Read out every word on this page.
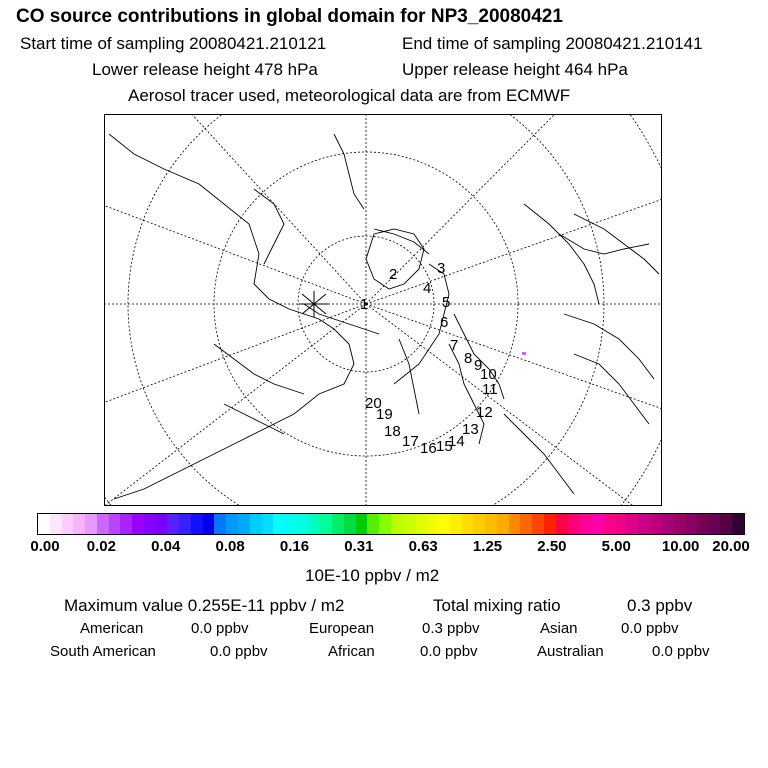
CO source contributions in global domain for NP3_20080421
Start time of sampling 20080421.210121	End time of sampling 20080421.210141
Lower release height 478 hPa	Upper release height 464 hPa
Aerosol tracer used, meteorological data are from ECMWF
1
2	3
4
5
6
7
8 9
10
11
12
13
14
15
16
17
18
19
20
10E-10 ppbv / m2
Maximum value 0.255E-11 ppbv / m2	Total mixing ratio	0.3 ppbv
American	0.0 ppbv	European	0.3 ppbv	Asian	0.0 ppbv
South American	0.0 ppbv	African	0.0 ppbv	Australian	0.0 ppbv
0.00 0.02 0.04 0.08 0.16 0.31 0.63 1.25 2.50 5.00 10.00 20.00
